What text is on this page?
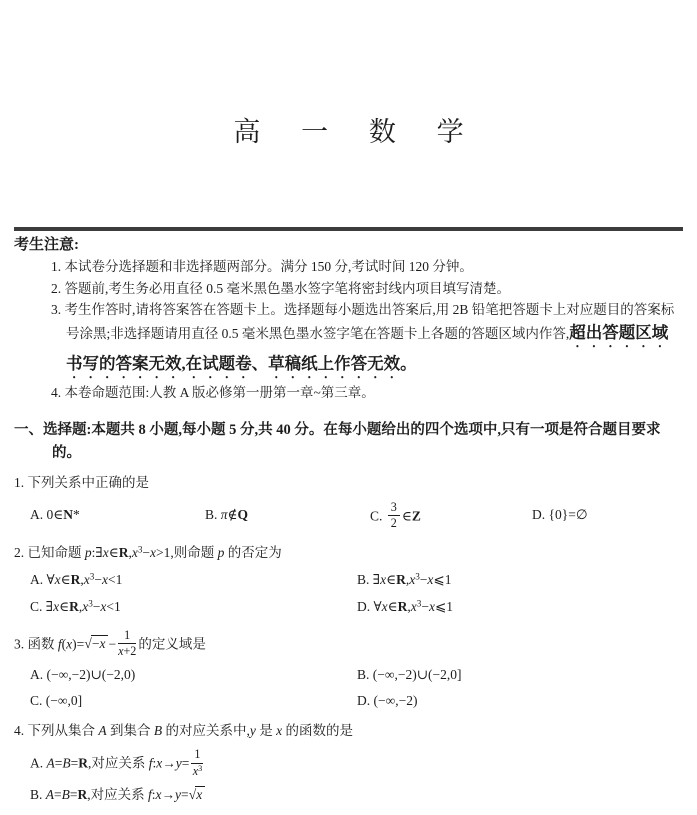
高 一 数 学
考生注意:
1. 本试卷分选择题和非选择题两部分。满分 150 分,考试时间 120 分钟。
2. 答题前,考生务必用直径 0.5 毫米黑色墨水签字笔将密封线内项目填写清楚。
3. 考生作答时,请将答案答在答题卡上。选择题每小题选出答案后,用 2B 铅笔把答题卡上对应题目的答案标号涂黑;非选择题请用直径 0.5 毫米黑色墨水签字笔在答题卡上各题的答题区域内作答,超出答题区域书写的答案无效,在试题卷、草稿纸上作答无效。
4. 本卷命题范围:人教 A 版必修第一册第一章~第三章。
一、选择题:本题共 8 小题,每小题 5 分,共 40 分。在每小题给出的四个选项中,只有一项是符合题目要求的。
1. 下列关系中正确的是
A. 0∈N*	B. π∉Q	C. $\frac{3}{2}$ ∈Z	D. {0}=∅
2. 已知命题 $p:\exists x\in R,x^3-x>1$,则命题 p 的否定为
A. $\forall x\in R,x^3-x<1$	B. $\exists x\in R,x^3-x⩽1$
C. $\exists x\in R,x^3-x<1$	D. $\forall x\in R,x^3-x⩽1$
3. 函数 $f(x)=√-x - \frac{1}{x+2}$ 的定义域是
A. (−∞,−2)∪(−2,0)	B. (−∞,−2)∪(−2,0]
C. (−∞,0]	D. (−∞,−2)
4. 下列从集合 A 到集合 B 的对应关系中,y 是 x 的函数的是
A. A=B=R,对应关系 f:x→y= $\frac{1}{x^3}$
B. A=B=R,对应关系 f:x→y=√x
